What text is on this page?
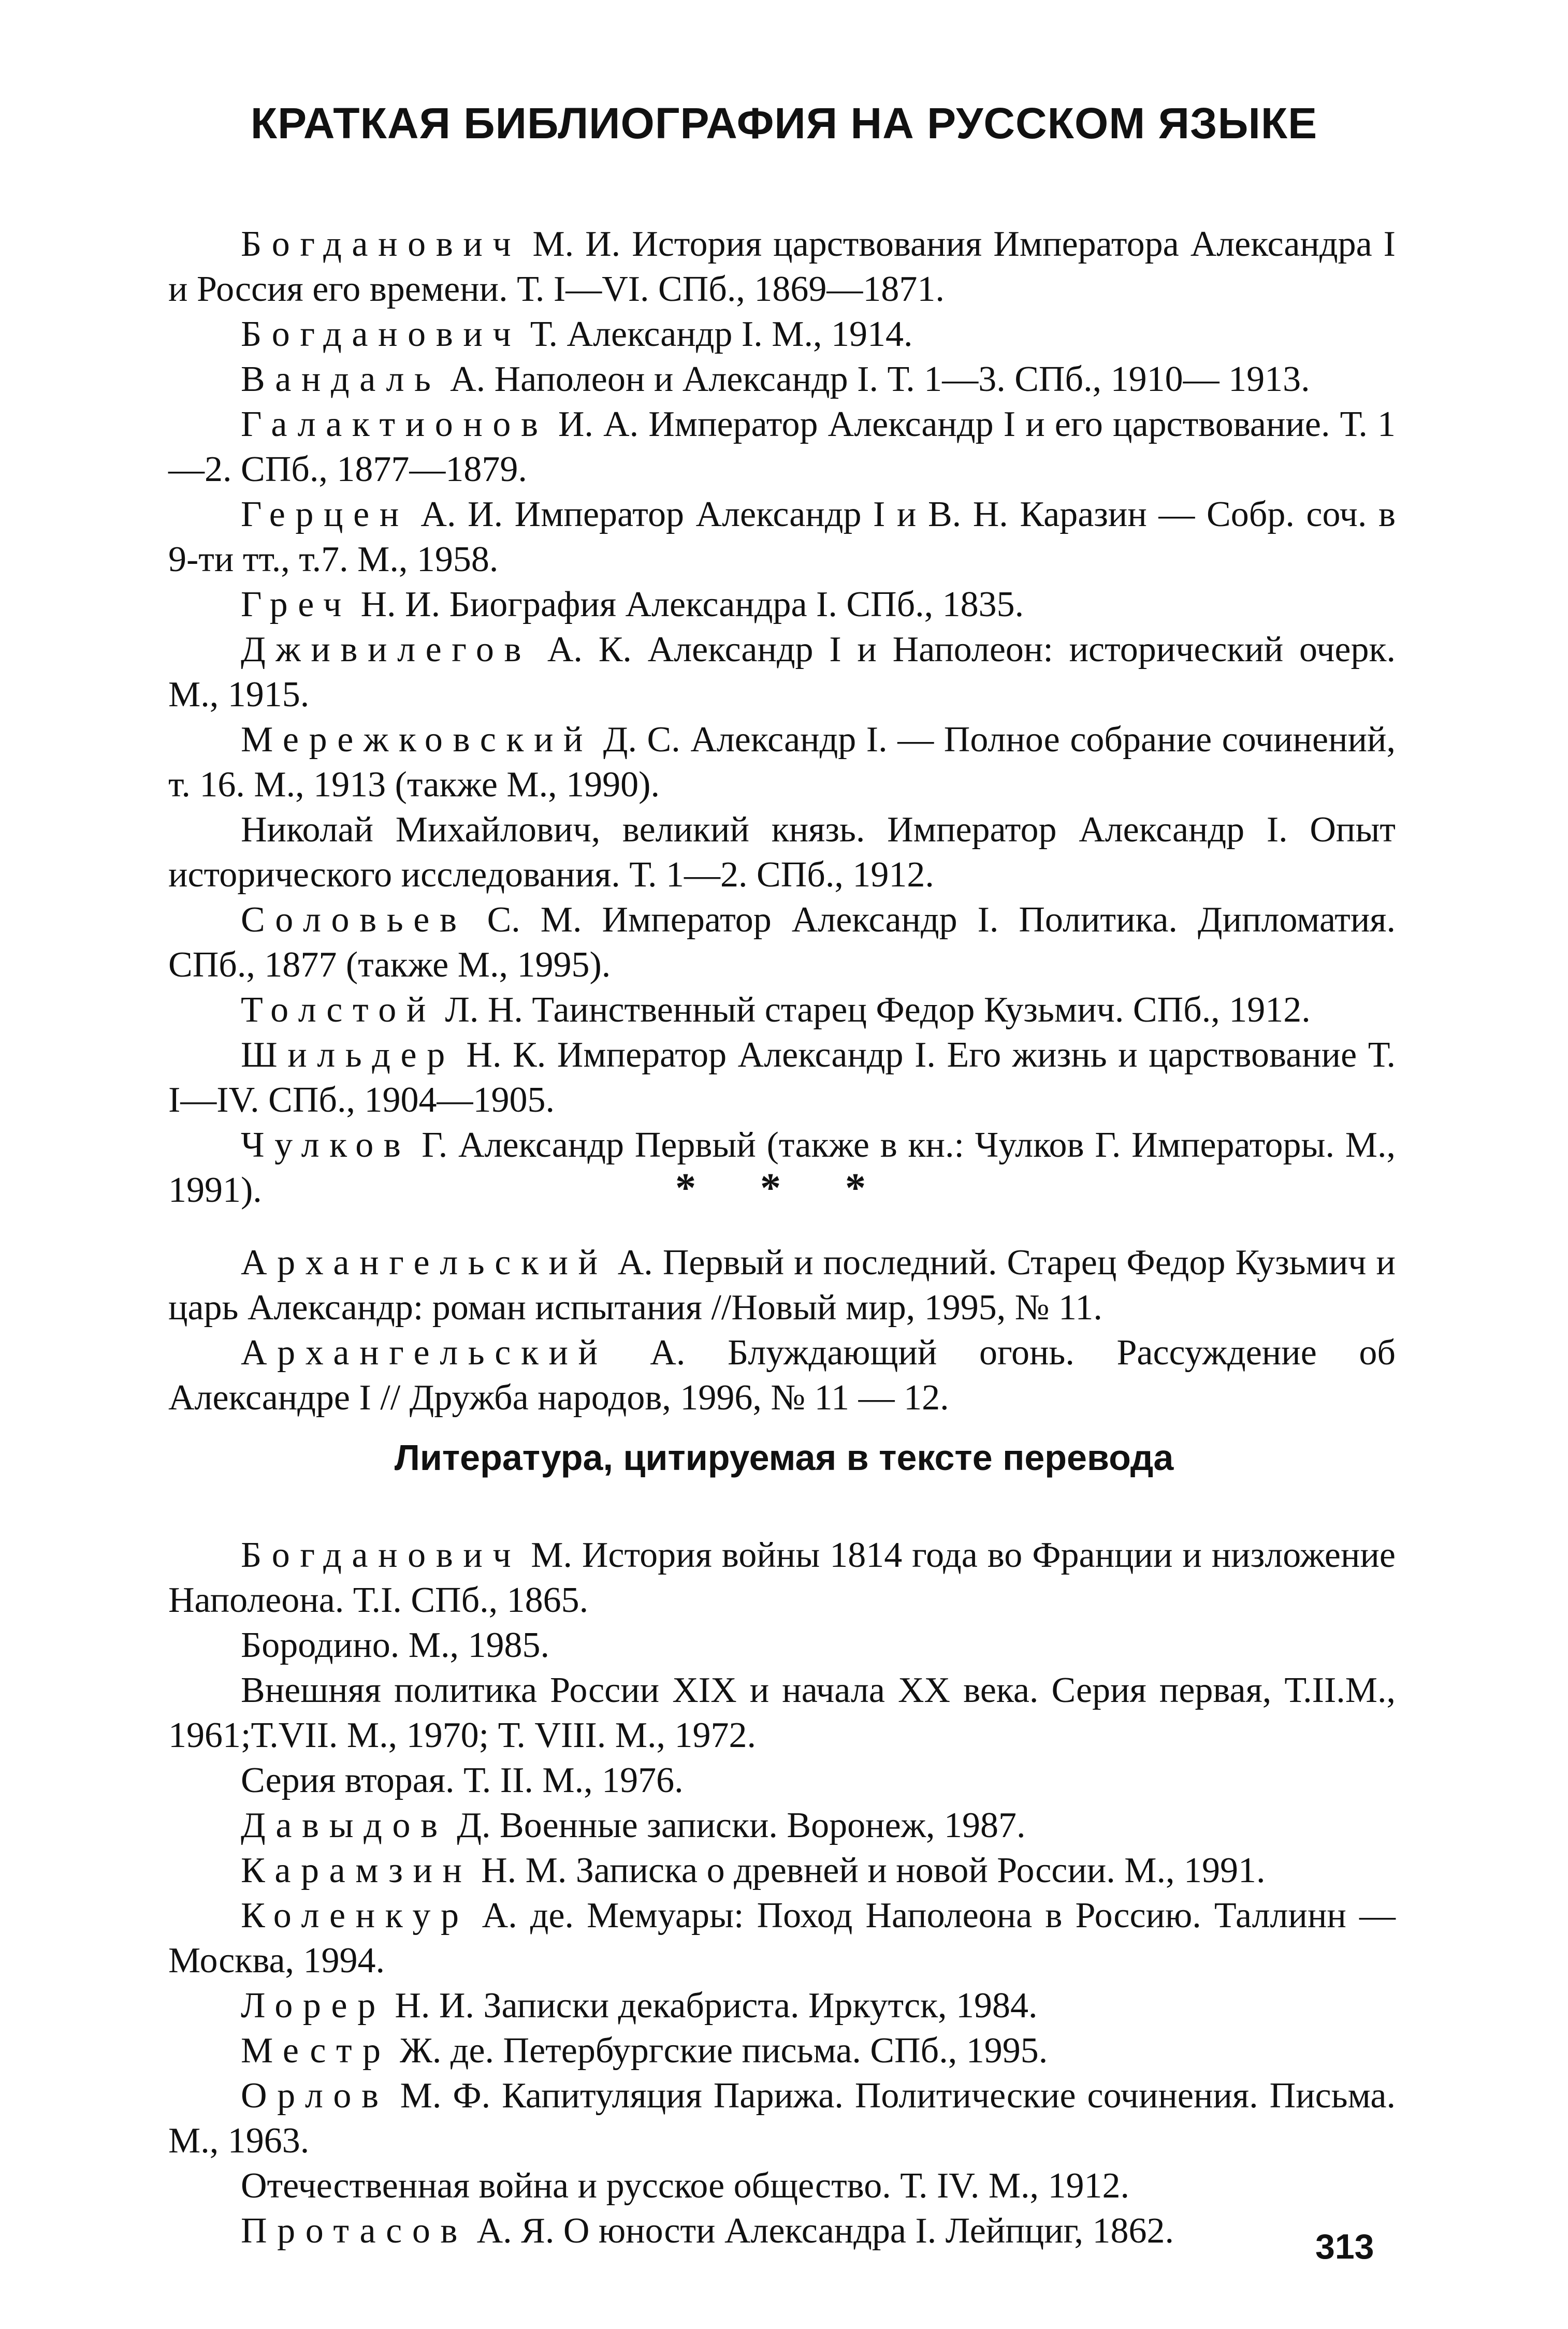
КРАТКАЯ БИБЛИОГРАФИЯ НА РУССКОМ ЯЗЫКЕ

Богданович М. И. История царствования Императора Александра I и Россия его времени. Т. I—VI. СПб., 1869—1871.

Богданович Т. Александр I. М., 1914.

Вандаль А. Наполеон и Александр I. Т. 1—3. СПб., 1910— 1913.

Галактионов И. А. Император Александр I и его царствование. Т. 1—2. СПб., 1877—1879.

Герцен А. И. Император Александр I и В. Н. Каразин — Собр. соч. в 9-ти тт., т.7. М., 1958.

Греч Н. И. Биография Александра I. СПб., 1835.

Дживилегов А. К. Александр I и Наполеон: исторический очерк. М., 1915.

Мережковский Д. С. Александр I. — Полное собрание сочинений, т. 16. М., 1913 (также М., 1990).

Николай Михайлович, великий князь. Император Александр I. Опыт исторического исследования. Т. 1—2. СПб., 1912.

Соловьев С. М. Император Александр I. Политика. Дипломатия. СПб., 1877 (также М., 1995).

Толстой Л. Н. Таинственный старец Федор Кузьмич. СПб., 1912.

Шильдер Н. К. Император Александр I. Его жизнь и царствование Т. I—IV. СПб., 1904—1905.

Чулков Г. Александр Первый (также в кн.: Чулков Г. Императоры. М., 1991).	* * *

Архангельский А. Первый и последний. Старец Федор Кузьмич и царь Александр: роман испытания //Новый мир, 1995, № 11.

Архангельский А. Блуждающий огонь. Рассуждение об Александре I // Дружба народов, 1996, № 11 — 12.

Литература, цитируемая в тексте перевода

Богданович М. История войны 1814 года во Франции и низложение Наполеона. Т.I. СПб., 1865.

Бородино. М., 1985.

Внешняя политика России XIX и начала XX века. Серия первая, Т.II.М., 1961;Т.VII. М., 1970; Т. VIII. М., 1972.

Серия вторая. Т. II. М., 1976.

Давыдов Д. Военные записки. Воронеж, 1987.

Карамзин Н. М. Записка о древней и новой России. М., 1991.

Коленкур А. де. Мемуары: Поход Наполеона в Россию. Таллинн — Москва, 1994.

Лорер Н. И. Записки декабриста. Иркутск, 1984.

Местр Ж. де. Петербургские письма. СПб., 1995.

Орлов М. Ф. Капитуляция Парижа. Политические сочинения. Письма. М., 1963.

Отечественная война и русское общество. Т. IV. М., 1912.

Протасов А. Я. О юности Александра I. Лейпциг, 1862.	313
